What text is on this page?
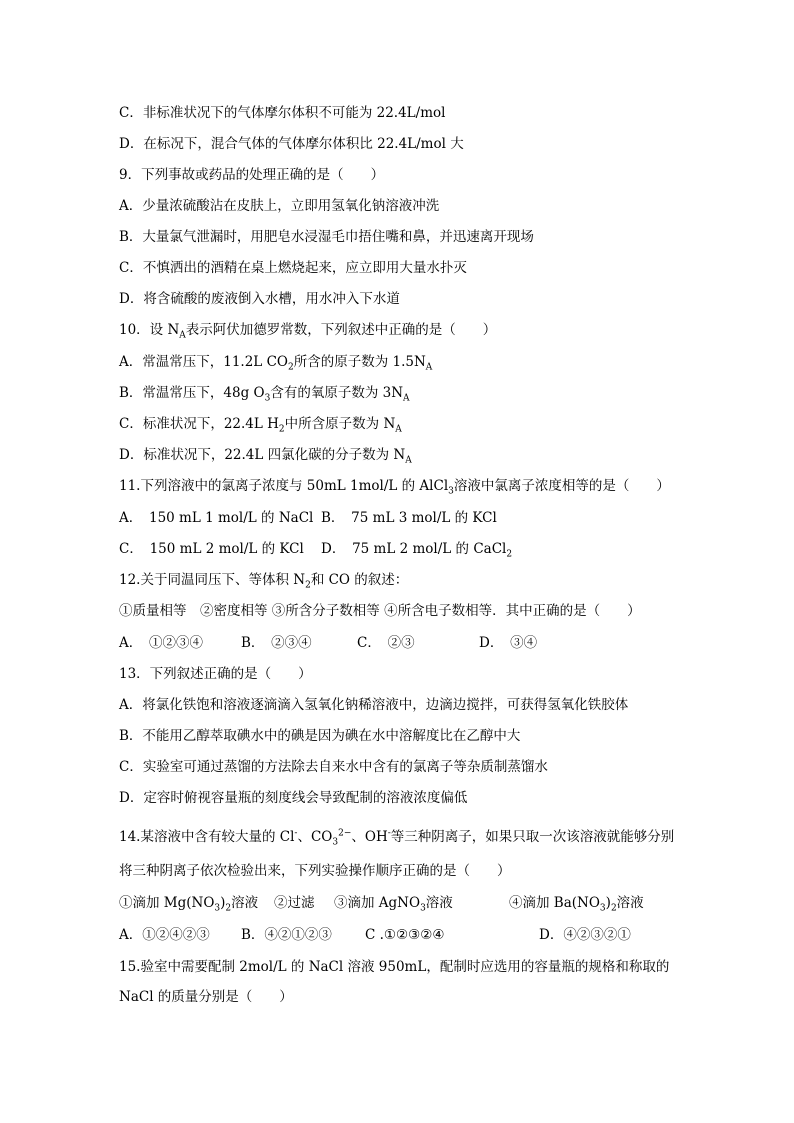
C．非标准状况下的气体摩尔体积不可能为 22.4L/mol
D．在标况下，混合气体的气体摩尔体积比 22.4L/mol 大
9．下列事故或药品的处理正确的是（　　）
A．少量浓硫酸沾在皮肤上，立即用氢氧化钠溶液冲洗
B．大量氯气泄漏时，用肥皂水浸湿毛巾捂住嘴和鼻，并迅速离开现场
C．不慎洒出的酒精在桌上燃烧起来，应立即用大量水扑灭
D．将含硫酸的废液倒入水槽，用水冲入下水道
10．设 $N_A$表示阿伏加德罗常数，下列叙述中正确的是（　　）
A．常温常压下，11.2L $CO_2$所含的原子数为 $1.5N_A$
B．常温常压下，48g $O_3$含有的氧原子数为 $3N_A$
C．标准状况下，22.4L $H_2$中所含原子数为 $N_A$
D．标准状况下，22.4L 四氯化碳的分子数为 $N_A$
11.下列溶液中的氯离子浓度与 50mL 1mol/L 的 AlCl$_3$溶液中氯离子浓度相等的是（　　）
A．　150 mL 1 mol/L 的 NaCl B．　75 mL 3 mol/L 的 KCl
C．　150 mL 2 mol/L 的 KCl D．　75 mL 2 mol/L 的 CaCl$_2$
12.关于同温同压下、等体积 $N_2$和 CO 的叙述：
①质量相等　②密度相等 ③所含分子数相等 ④所含电子数相等．其中正确的是（　　）
A．　①②③④	B．　②③④	C．　②③	D．　③④
13．下列叙述正确的是（　　）
A．将氯化铁饱和溶液逐滴滴入氢氧化钠稀溶液中，边滴边搅拌，可获得氢氧化铁胶体
B．不能用乙醇萃取碘水中的碘是因为碘在水中溶解度比在乙醇中大
C．实验室可通过蒸馏的方法除去自来水中含有的氯离子等杂质制蒸馏水
D．定容时俯视容量瓶的刻度线会导致配制的溶液浓度偏低
14.某溶液中含有较大量的 Cl-、$CO_3^{2-}$、OH-等三种阴离子，如果只取一次该溶液就能够分别
将三种阴离子依次检验出来，下列实验操作顺序正确的是（　　）
①滴加 $Mg(NO_3)_2$溶液 ②过滤 ③滴加 AgNO$_3$溶液	④滴加 $Ba(NO_3)_2$溶液
A．①②④②③ B．④②①②③ C .①②③②④	D．④②③②①
15.验室中需要配制 2mol/L 的 NaCl 溶液 950mL，配制时应选用的容量瓶的规格和称取的
NaCl 的质量分别是（　　）
